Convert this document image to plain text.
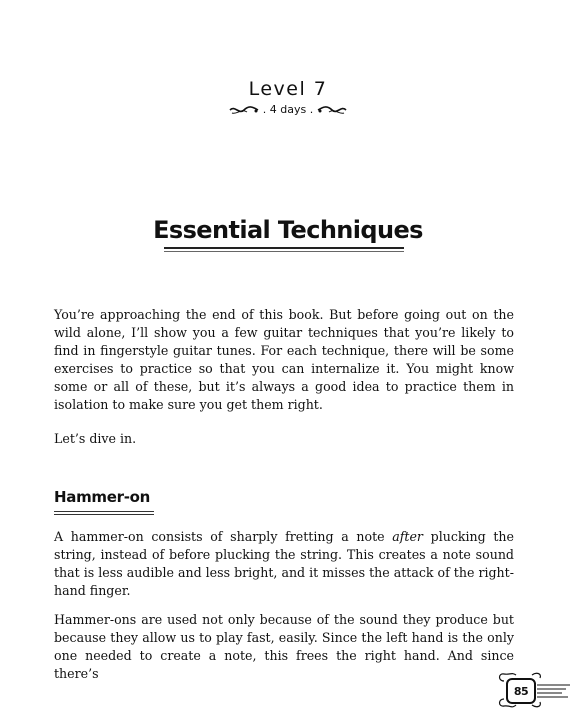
Level 7
. 4 days .
Essential Techniques

You’re approaching the end of this book. But before going out on the wild alone, I’ll show you a few guitar techniques that you’re likely to find in fingerstyle guitar tunes. For each technique, there will be some exercises to practice so that you can internalize it. You might know some or all of these, but it’s always a good idea to practice them in isolation to make sure you get them right.

Let’s dive in.

Hammer-on

A hammer-on consists of sharply fretting a note after plucking the string, instead of before plucking the string. This creates a note sound that is less audible and less bright, and it misses the attack of the right-hand finger.

Hammer-ons are used not only because of the sound they produce but because they allow us to play fast, easily. Since the left hand is the only one needed to create a note, this frees the right hand. And since there’s

85
